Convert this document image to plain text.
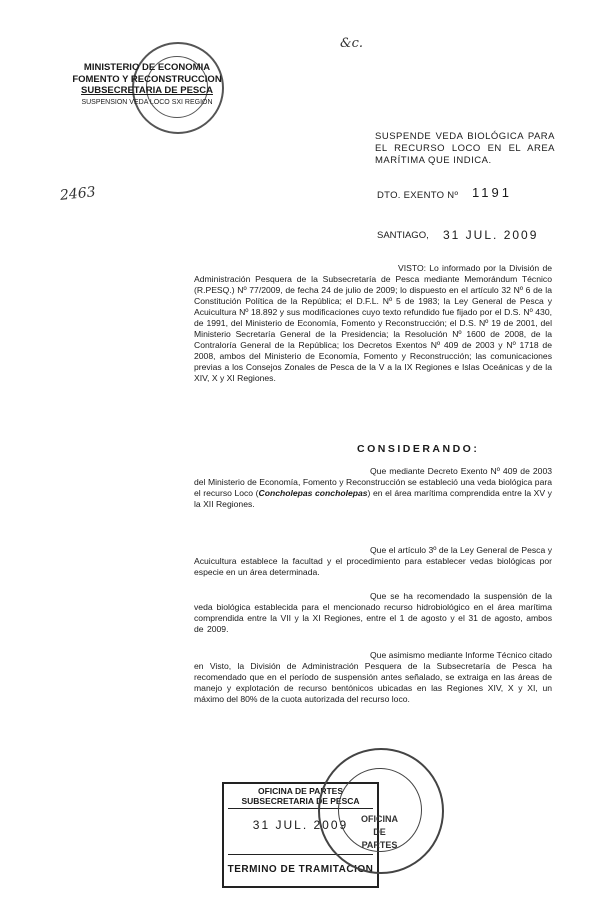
MINISTERIO DE ECONOMIA
FOMENTO Y RECONSTRUCCION
SUBSECRETARIA DE PESCA
SUSPENSION VEDA LOCO SXI REGION
&c.
2463
SUSPENDE VEDA BIOLÓGICA PARA EL RECURSO LOCO EN EL AREA MARÍTIMA QUE INDICA.
DTO. EXENTO Nº 1191
SANTIAGO, 31 JUL. 2009
VISTO: Lo informado por la División de Administración Pesquera de la Subsecretaría de Pesca mediante Memorándum Técnico (R.PESQ.) Nº 77/2009, de fecha 24 de julio de 2009; lo dispuesto en el artículo 32 Nº 6 de la Constitución Política de la República; el D.F.L. Nº 5 de 1983; la Ley General de Pesca y Acuicultura Nº 18.892 y sus modificaciones cuyo texto refundido fue fijado por el D.S. Nº 430, de 1991, del Ministerio de Economía, Fomento y Reconstrucción; el D.S. Nº 19 de 2001, del Ministerio Secretaría General de la Presidencia; la Resolución Nº 1600 de 2008, de la Contraloría General de la República; los Decretos Exentos Nº 409 de 2003 y Nº 1718 de 2008, ambos del Ministerio de Economía, Fomento y Reconstrucción; las comunicaciones previas a los Consejos Zonales de Pesca de la V a la IX Regiones e Islas Oceánicas y de la XIV, X y XI Regiones.
CONSIDERANDO:
Que mediante Decreto Exento Nº 409 de 2003 del Ministerio de Economía, Fomento y Reconstrucción se estableció una veda biológica para el recurso Loco (Concholepas concholepas) en el área marítima comprendida entre la XV y la XII Regiones.
Que el artículo 3º de la Ley General de Pesca y Acuicultura establece la facultad y el procedimiento para establecer vedas biológicas por especie en un área determinada.
Que se ha recomendado la suspensión de la veda biológica establecida para el mencionado recurso hidrobiológico en el área marítima comprendida entre la VII y la XI Regiones, entre el 1 de agosto y el 31 de agosto, ambos de 2009.
Que asimismo mediante Informe Técnico citado en Visto, la División de Administración Pesquera de la Subsecretaría de Pesca ha recomendado que en el período de suspensión antes señalado, se extraiga en las áreas de manejo y explotación de recurso bentónicos ubicadas en las Regiones XIV, X y XI, un máximo del 80% de la cuota autorizada del recurso loco.
OFICINA DE PARTES
SUBSECRETARIA DE PESCA
31 JUL. 2009
TERMINO DE TRAMITACION
OFICINA
DE
PARTES
